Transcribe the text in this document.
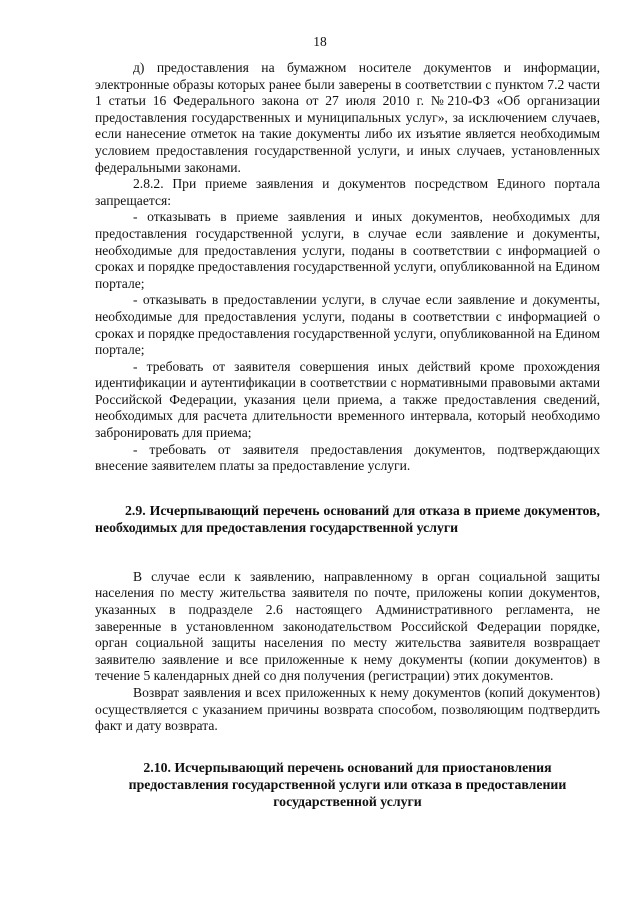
18

д) предоставления на бумажном носителе документов и информации, электронные образы которых ранее были заверены в соответствии с пунктом 7.2 части 1 статьи 16 Федерального закона от 27 июля 2010 г. №210-ФЗ «Об организации предоставления государственных и муниципальных услуг», за исключением случаев, если нанесение отметок на такие документы либо их изъятие является необходимым условием предоставления государственной услуги, и иных случаев, установленных федеральными законами.

2.8.2. При приеме заявления и документов посредством Единого портала запрещается:

- отказывать в приеме заявления и иных документов, необходимых для предоставления государственной услуги, в случае если заявление и документы, необходимые для предоставления услуги, поданы в соответствии с информацией о сроках и порядке предоставления государственной услуги, опубликованной на Едином портале;

- отказывать в предоставлении услуги, в случае если заявление и документы, необходимые для предоставления услуги, поданы в соответствии с информацией о сроках и порядке предоставления государственной услуги, опубликованной на Едином портале;

- требовать от заявителя совершения иных действий кроме прохождения идентификации и аутентификации в соответствии с нормативными правовыми актами Российской Федерации, указания цели приема, а также предоставления сведений, необходимых для расчета длительности временного интервала, который необходимо забронировать для приема;

- требовать от заявителя предоставления документов, подтверждающих внесение заявителем платы за предоставление услуги.

2.9. Исчерпывающий перечень оснований для отказа в приеме документов, необходимых для предоставления государственной услуги

В случае если к заявлению, направленному в орган социальной защиты населения по месту жительства заявителя по почте, приложены копии документов, указанных в подразделе 2.6 настоящего Административного регламента, не заверенные в установленном законодательством Российской Федерации порядке, орган социальной защиты населения по месту жительства заявителя возвращает заявителю заявление и все приложенные к нему документы (копии документов) в течение 5 календарных дней со дня получения (регистрации) этих документов.

Возврат заявления и всех приложенных к нему документов (копий документов) осуществляется с указанием причины возврата способом, позволяющим подтвердить факт и дату возврата.

2.10. Исчерпывающий перечень оснований для приостановления предоставления государственной услуги или отказа в предоставлении государственной услуги
